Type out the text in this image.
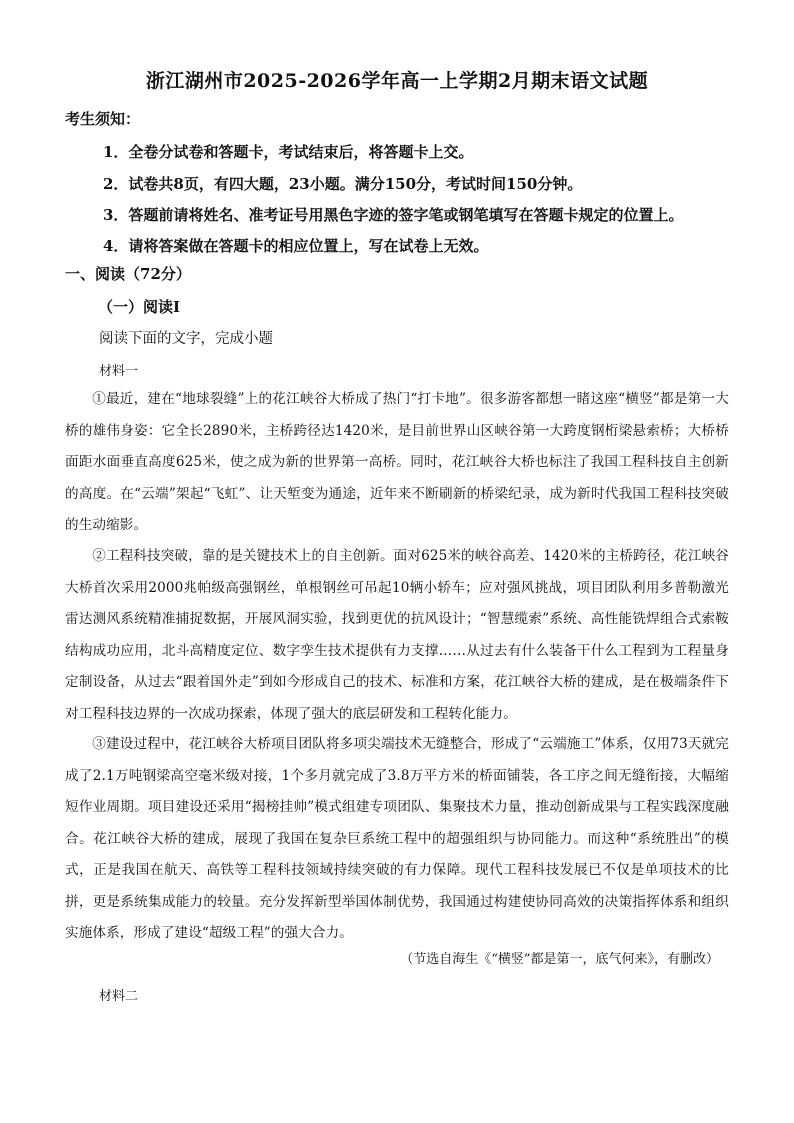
浙江湖州市2025-2026学年高一上学期2月期末语文试题
考生须知：
1．全卷分试卷和答题卡，考试结束后，将答题卡上交。
2．试卷共8页，有四大题，23小题。满分150分，考试时间150分钟。
3．答题前请将姓名、准考证号用黑色字迹的签字笔或钢笔填写在答题卡规定的位置上。
4．请将答案做在答题卡的相应位置上，写在试卷上无效。
一、阅读（72分）
（一）阅读Ⅰ
阅读下面的文字，完成小题
材料一
①最近，建在“地球裂缝”上的花江峡谷大桥成了热门“打卡地”。很多游客都想一睹这座“横竖”都是第一大桥的雄伟身姿：它全长2890米，主桥跨径达1420米，是目前世界山区峡谷第一大跨度钢桁梁悬索桥；大桥桥面距水面垂直高度625米，使之成为新的世界第一高桥。同时，花江峡谷大桥也标注了我国工程科技自主创新的高度。在“云端”架起“飞虹”、让天堑变为通途，近年来不断刷新的桥梁纪录，成为新时代我国工程科技突破的生动缩影。
②工程科技突破，靠的是关键技术上的自主创新。面对625米的峡谷高差、1420米的主桥跨径，花江峡谷大桥首次采用2000兆帕级高强钢丝，单根钢丝可吊起10辆小轿车；应对强风挑战，项目团队利用多普勒激光雷达测风系统精准捕捉数据，开展风洞实验，找到更优的抗风设计；“智慧缆索”系统、高性能铣焊组合式索鞍结构成功应用，北斗高精度定位、数字孪生技术提供有力支撑……从过去有什么装备干什么工程到为工程量身定制设备，从过去“跟着国外走”到如今形成自己的技术、标准和方案，花江峡谷大桥的建成，是在极端条件下对工程科技边界的一次成功探索，体现了强大的底层研发和工程转化能力。
③建设过程中，花江峡谷大桥项目团队将多项尖端技术无缝整合，形成了“云端施工”体系，仅用73天就完成了2.1万吨钢梁高空毫米级对接，1个多月就完成了3.8万平方米的桥面铺装，各工序之间无缝衔接，大幅缩短作业周期。项目建设还采用“揭榜挂帅”模式组建专项团队、集聚技术力量，推动创新成果与工程实践深度融合。花江峡谷大桥的建成，展现了我国在复杂巨系统工程中的超强组织与协同能力。而这种“系统胜出”的模式，正是我国在航天、高铁等工程科技领域持续突破的有力保障。现代工程科技发展已不仅是单项技术的比拼，更是系统集成能力的较量。充分发挥新型举国体制优势，我国通过构建使协同高效的决策指挥体系和组织实施体系，形成了建设“超级工程”的强大合力。
（节选自海生《“横竖”都是第一，底气何来》，有删改）
材料二
